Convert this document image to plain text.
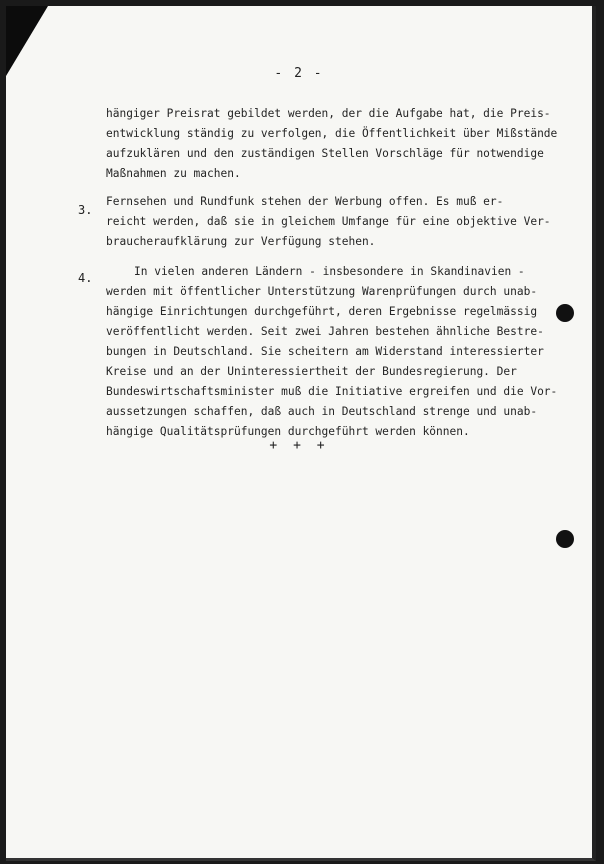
- 2 -
hängiger Preisrat gebildet werden, der die Aufgabe hat, die Preis-
entwicklung ständig zu verfolgen, die Öffentlichkeit über Mißstände
aufzuklären und den zuständigen Stellen Vorschläge für notwendige
Maßnahmen zu machen.
3.
Fernsehen und Rundfunk stehen der Werbung offen. Es muß er-
reicht werden, daß sie in gleichem Umfange für eine objektive Ver-
braucheraufklärung zur Verfügung stehen.
4.	In vielen anderen Ländern - insbesondere in Skandinavien -
werden mit öffentlicher Unterstützung Warenprüfungen durch unab-
hängige Einrichtungen durchgeführt, deren Ergebnisse regelmässig
veröffentlicht werden. Seit zwei Jahren bestehen ähnliche Bestre-
bungen in Deutschland. Sie scheitern am Widerstand interessierter
Kreise und an der Uninteressiertheit der Bundesregierung. Der
Bundeswirtschaftsminister muß die Initiative ergreifen und die Vor-
aussetzungen schaffen, daß auch in Deutschland strenge und unab-
hängige Qualitätsprüfungen durchgeführt werden können.
+ + +
